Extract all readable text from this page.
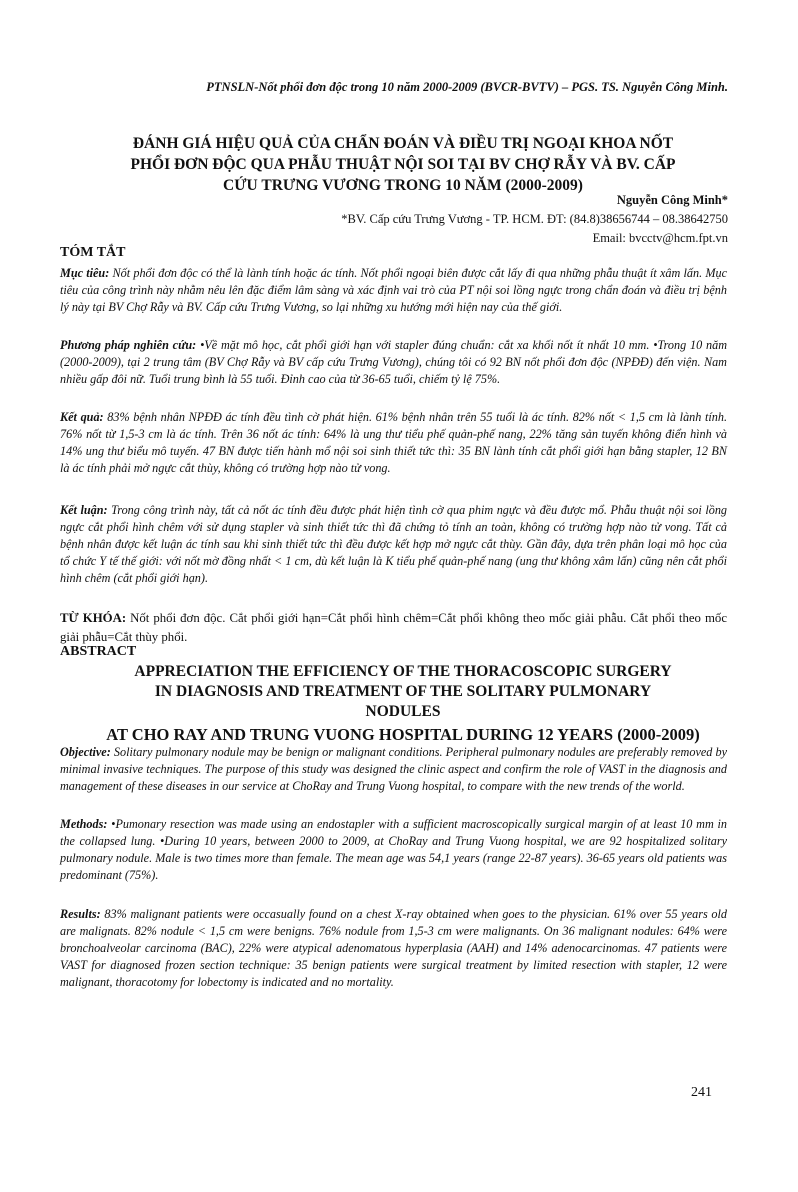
PTNSLN-Nốt phổi đơn độc trong 10 năm 2000-2009 (BVCR-BVTV) – PGS. TS. Nguyễn Công Minh.
ĐÁNH GIÁ HIỆU QUẢ CỦA CHẨN ĐOÁN VÀ ĐIỀU TRỊ NGOẠI KHOA NỐT
PHỔI ĐƠN ĐỘC QUA PHẪU THUẬT NỘI SOI TẠI BV CHỢ RẪY VÀ BV. CẤP
CỨU TRƯNG VƯƠNG TRONG 10 NĂM (2000-2009)
Nguyễn Công Minh*
*BV. Cấp cứu Trưng Vương - TP. HCM. ĐT: (84.8)38656744 – 08.38642750
Email: bvcctv@hcm.fpt.vn
TÓM TẮT
Mục tiêu: Nốt phổi đơn độc có thể là lành tính hoặc ác tính. Nốt phổi ngoại biên được cắt lấy đi qua những phẫu thuật ít xâm lấn. Mục tiêu của công trình này nhằm nêu lên đặc điểm lâm sàng và xác định vai trò của PT nội soi lồng ngực trong chẩn đoán và điều trị bệnh lý này tại BV Chợ Rẫy và BV. Cấp cứu Trưng Vương, so lại những xu hướng mới hiện nay của thế giới.
Phương pháp nghiên cứu: •Về mặt mô học, cắt phổi giới hạn với stapler đúng chuẩn: cắt xa khối nốt ít nhất 10 mm. •Trong 10 năm (2000-2009), tại 2 trung tâm (BV Chợ Rẫy và BV cấp cứu Trưng Vương), chúng tôi có 92 BN nốt phổi đơn độc (NPĐĐ) đến viện. Nam nhiều gấp đôi nữ. Tuổi trung bình là 55 tuổi. Đỉnh cao của từ 36-65 tuổi, chiếm tỷ lệ 75%.
Kết quả: 83% bệnh nhân NPĐĐ ác tính đều tình cờ phát hiện. 61% bệnh nhân trên 55 tuổi là ác tính. 82% nốt < 1,5 cm là lành tính. 76% nốt từ 1,5-3 cm là ác tính. Trên 36 nốt ác tính: 64% là ung thư tiểu phế quản-phế nang, 22% tăng sản tuyến không điển hình và 14% ung thư biểu mô tuyến. 47 BN được tiến hành mổ nội soi sinh thiết tức thì: 35 BN lành tính cắt phổi giới hạn bằng stapler, 12 BN là ác tính phải mở ngực cắt thùy, không có trường hợp nào tử vong.
Kết luận: Trong công trình này, tất cả nốt ác tính đều được phát hiện tình cờ qua phim ngực và đều được mổ. Phẫu thuật nội soi lồng ngực cắt phổi hình chêm với sử dụng stapler và sinh thiết tức thì đã chứng tỏ tính an toàn, không có trường hợp nào tử vong. Tất cả bệnh nhân được kết luận ác tính sau khi sinh thiết tức thì đều được kết hợp mở ngực cắt thùy. Gần đây, dựa trên phân loại mô học của tổ chức Y tế thế giới: với nốt mờ đồng nhất < 1 cm, dù kết luận là K tiểu phế quản-phế nang (ung thư không xâm lấn) cũng nên cắt phổi hình chêm (cắt phổi giới hạn).
TỪ KHÓA: Nốt phổi đơn độc. Cắt phổi giới hạn=Cắt phổi hình chêm=Cắt phổi không theo mốc giải phẫu. Cắt phổi theo mốc giải phẫu=Cắt thùy phổi.
ABSTRACT
APPRECIATION THE EFFICIENCY OF THE THORACOSCOPIC SURGERY
IN DIAGNOSIS AND TREATMENT OF THE SOLITARY PULMONARY
NODULES
AT CHO RAY AND TRUNG VUONG HOSPITAL DURING 12 YEARS (2000-2009)
Objective: Solitary pulmonary nodule may be benign or malignant conditions. Peripheral pulmonary nodules are preferably removed by minimal invasive techniques. The purpose of this study was designed the clinic aspect and confirm the role of VAST in the diagnosis and management of these diseases in our service at ChoRay and Trung Vuong hospital, to compare with the new trends of the world.
Methods: •Pumonary resection was made using an endostapler with a sufficient macroscopically surgical margin of at least 10 mm in the collapsed lung. •During 10 years, between 2000 to 2009, at ChoRay and Trung Vuong hospital, we are 92 hospitalized solitary pulmonary nodule. Male is two times more than female. The mean age was 54,1 years (range 22-87 years). 36-65 years old patients was predominant (75%).
Results: 83% malignant patients were occasually found on a chest X-ray obtained when goes to the physician. 61% over 55 years old are malignats. 82% nodule < 1,5 cm were benigns. 76% nodule from 1,5-3 cm were malignants. On 36 malignant nodules: 64% were bronchoalveolar carcinoma (BAC), 22% were atypical adenomatous hyperplasia (AAH) and 14% adenocarcinomas. 47 patients were VAST for diagnosed frozen section technique: 35 benign patients were surgical treatment by limited resection with stapler, 12 were malignant, thoracotomy for lobectomy is indicated and no mortality.
241
